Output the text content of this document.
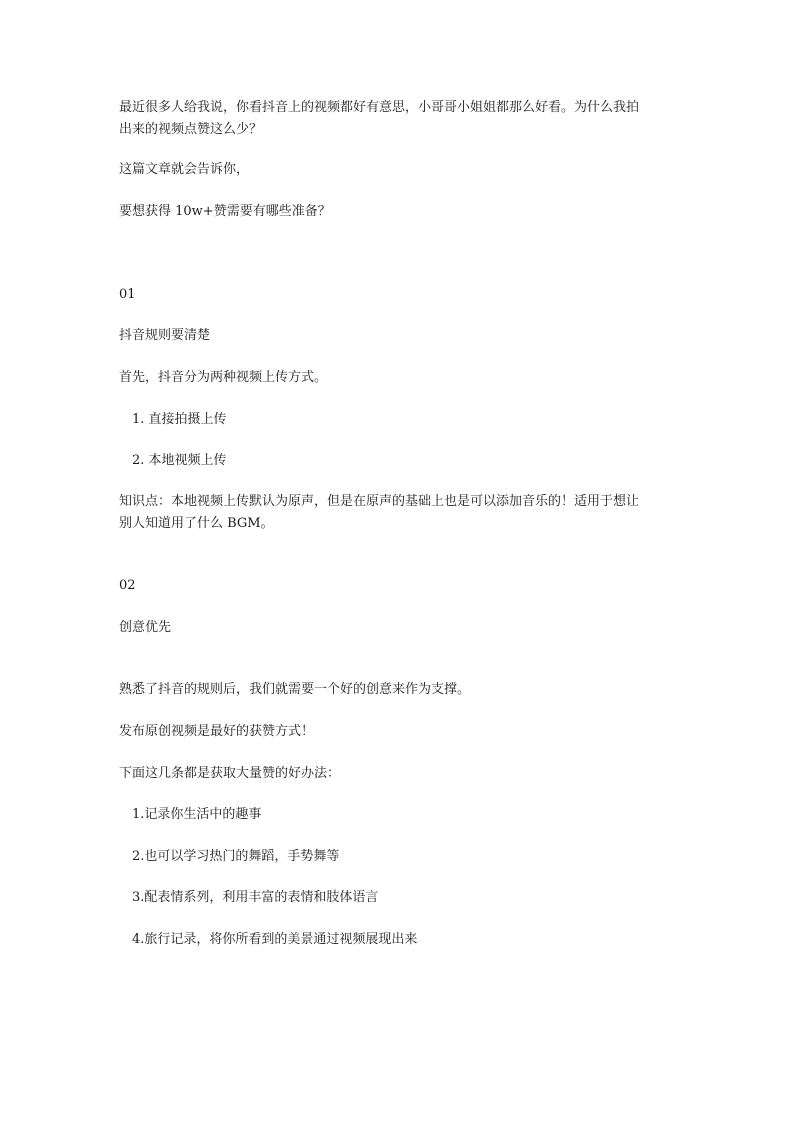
最近很多人给我说，你看抖音上的视频都好有意思，小哥哥小姐姐都那么好看。为什么我拍

出来的视频点赞这么少？

这篇文章就会告诉你，

要想获得 10w+赞需要有哪些准备？

01

抖音规则要清楚

首先，抖音分为两种视频上传方式。

1. 直接拍摄上传

2. 本地视频上传

知识点：本地视频上传默认为原声，但是在原声的基础上也是可以添加音乐的！适用于想让

别人知道用了什么 BGM。

02

创意优先

熟悉了抖音的规则后，我们就需要一个好的创意来作为支撑。

发布原创视频是最好的获赞方式！

下面这几条都是获取大量赞的好办法：

1.记录你生活中的趣事

2.也可以学习热门的舞蹈，手势舞等

3.配表情系列，利用丰富的表情和肢体语言

4.旅行记录，将你所看到的美景通过视频展现出来
